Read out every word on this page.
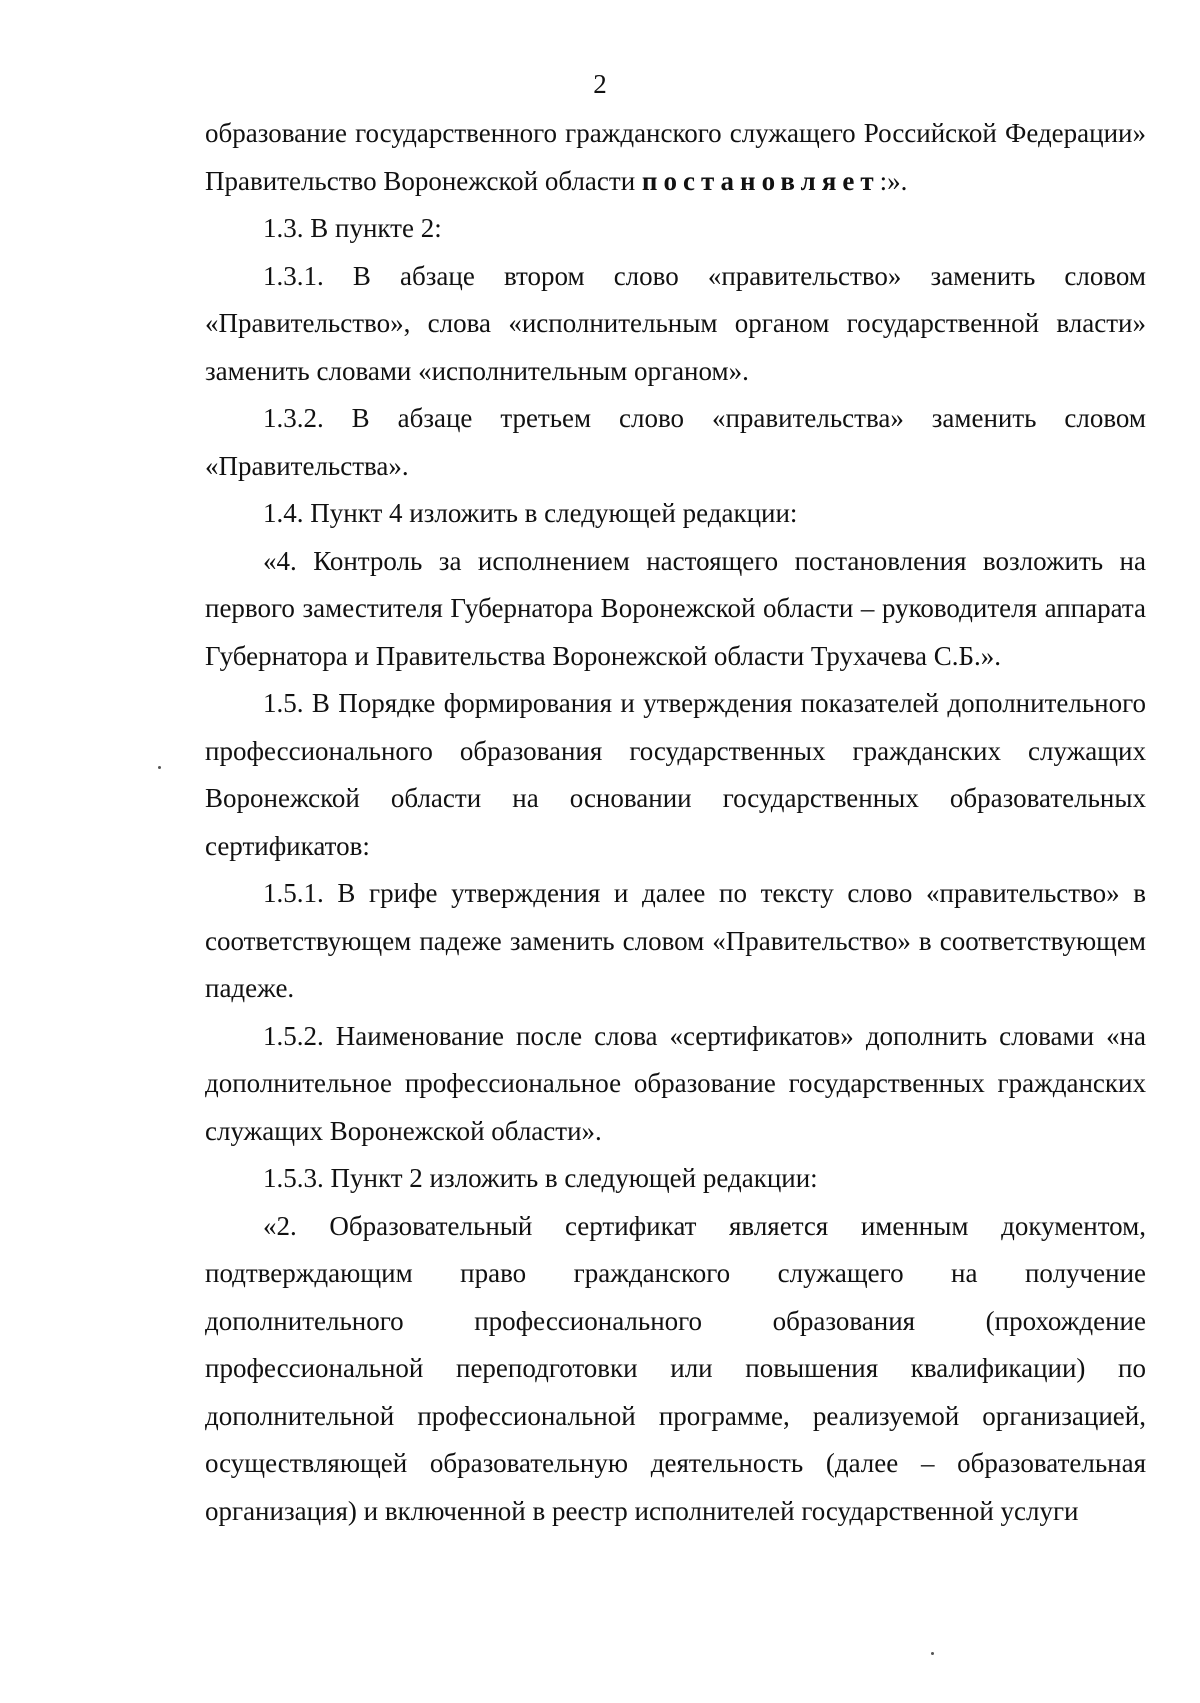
2

образование государственного гражданского служащего Российской Федерации» Правительство Воронежской области постановляет:».

1.3. В пункте 2:

1.3.1. В абзаце втором слово «правительство» заменить словом «Правительство», слова «исполнительным органом государственной власти» заменить словами «исполнительным органом».

1.3.2. В абзаце третьем слово «правительства» заменить словом «Правительства».

1.4. Пункт 4 изложить в следующей редакции:

«4. Контроль за исполнением настоящего постановления возложить на первого заместителя Губернатора Воронежской области – руководителя аппарата Губернатора и Правительства Воронежской области Трухачева С.Б.».

1.5. В Порядке формирования и утверждения показателей дополнительного профессионального образования государственных гражданских служащих Воронежской области на основании государственных образовательных сертификатов:

1.5.1. В грифе утверждения и далее по тексту слово «правительство» в соответствующем падеже заменить словом «Правительство» в соответствующем падеже.

1.5.2. Наименование после слова «сертификатов» дополнить словами «на дополнительное профессиональное образование государственных гражданских служащих Воронежской области».

1.5.3. Пункт 2 изложить в следующей редакции:

«2. Образовательный сертификат является именным документом, подтверждающим право гражданского служащего на получение дополнительного профессионального образования (прохождение профессиональной переподготовки или повышения квалификации) по дополнительной профессиональной программе, реализуемой организацией, осуществляющей образовательную деятельность (далее – образовательная организация) и включенной в реестр исполнителей государственной услуги
